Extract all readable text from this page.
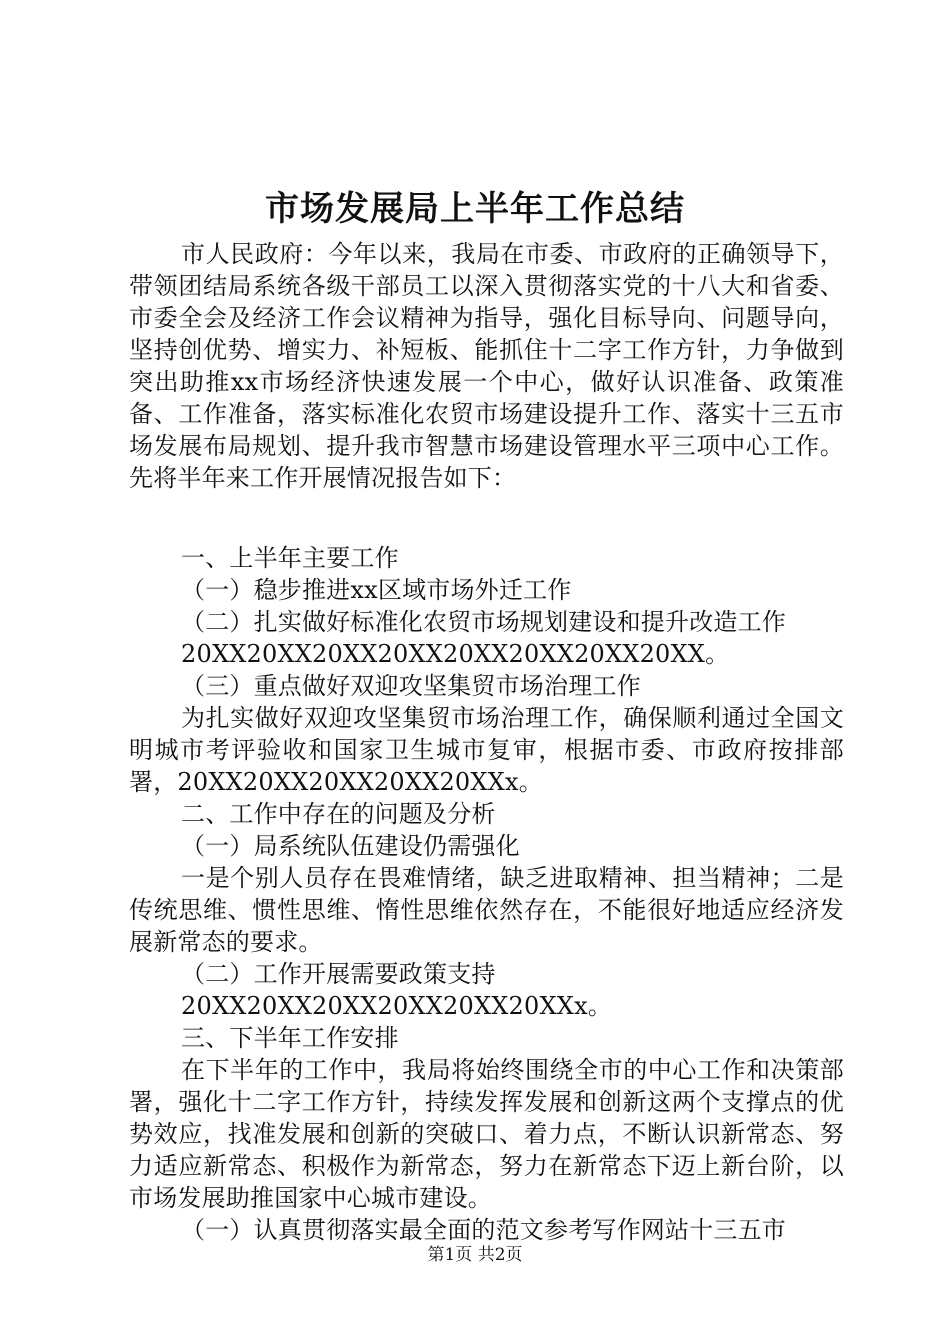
市场发展局上半年工作总结

市人民政府：今年以来，我局在市委、市政府的正确领导下，带领团结局系统各级干部员工以深入贯彻落实党的十八大和省委、市委全会及经济工作会议精神为指导，强化目标导向、问题导向，坚持创优势、增实力、补短板、能抓住十二字工作方针，力争做到突出助推xx市场经济快速发展一个中心，做好认识准备、政策准备、工作准备，落实标准化农贸市场建设提升工作、落实十三五市场发展布局规划、提升我市智慧市场建设管理水平三项中心工作。先将半年来工作开展情况报告如下：

一、上半年主要工作

（一）稳步推进xx区域市场外迁工作

（二）扎实做好标准化农贸市场规划建设和提升改造工作

20XX20XX20XX20XX20XX20XX20XX20XX。

（三）重点做好双迎攻坚集贸市场治理工作

为扎实做好双迎攻坚集贸市场治理工作，确保顺利通过全国文明城市考评验收和国家卫生城市复审，根据市委、市政府按排部署，20XX20XX20XX20XX20XXx。

二、工作中存在的问题及分析

（一）局系统队伍建设仍需强化

一是个别人员存在畏难情绪，缺乏进取精神、担当精神；二是传统思维、惯性思维、惰性思维依然存在，不能很好地适应经济发展新常态的要求。

（二）工作开展需要政策支持

20XX20XX20XX20XX20XX20XXx。

三、下半年工作安排

在下半年的工作中，我局将始终围绕全市的中心工作和决策部署，强化十二字工作方针，持续发挥发展和创新这两个支撑点的优势效应，找准发展和创新的突破口、着力点，不断认识新常态、努力适应新常态、积极作为新常态，努力在新常态下迈上新台阶，以市场发展助推国家中心城市建设。

（一）认真贯彻落实最全面的范文参考写作网站十三五市

第1页 共2页
